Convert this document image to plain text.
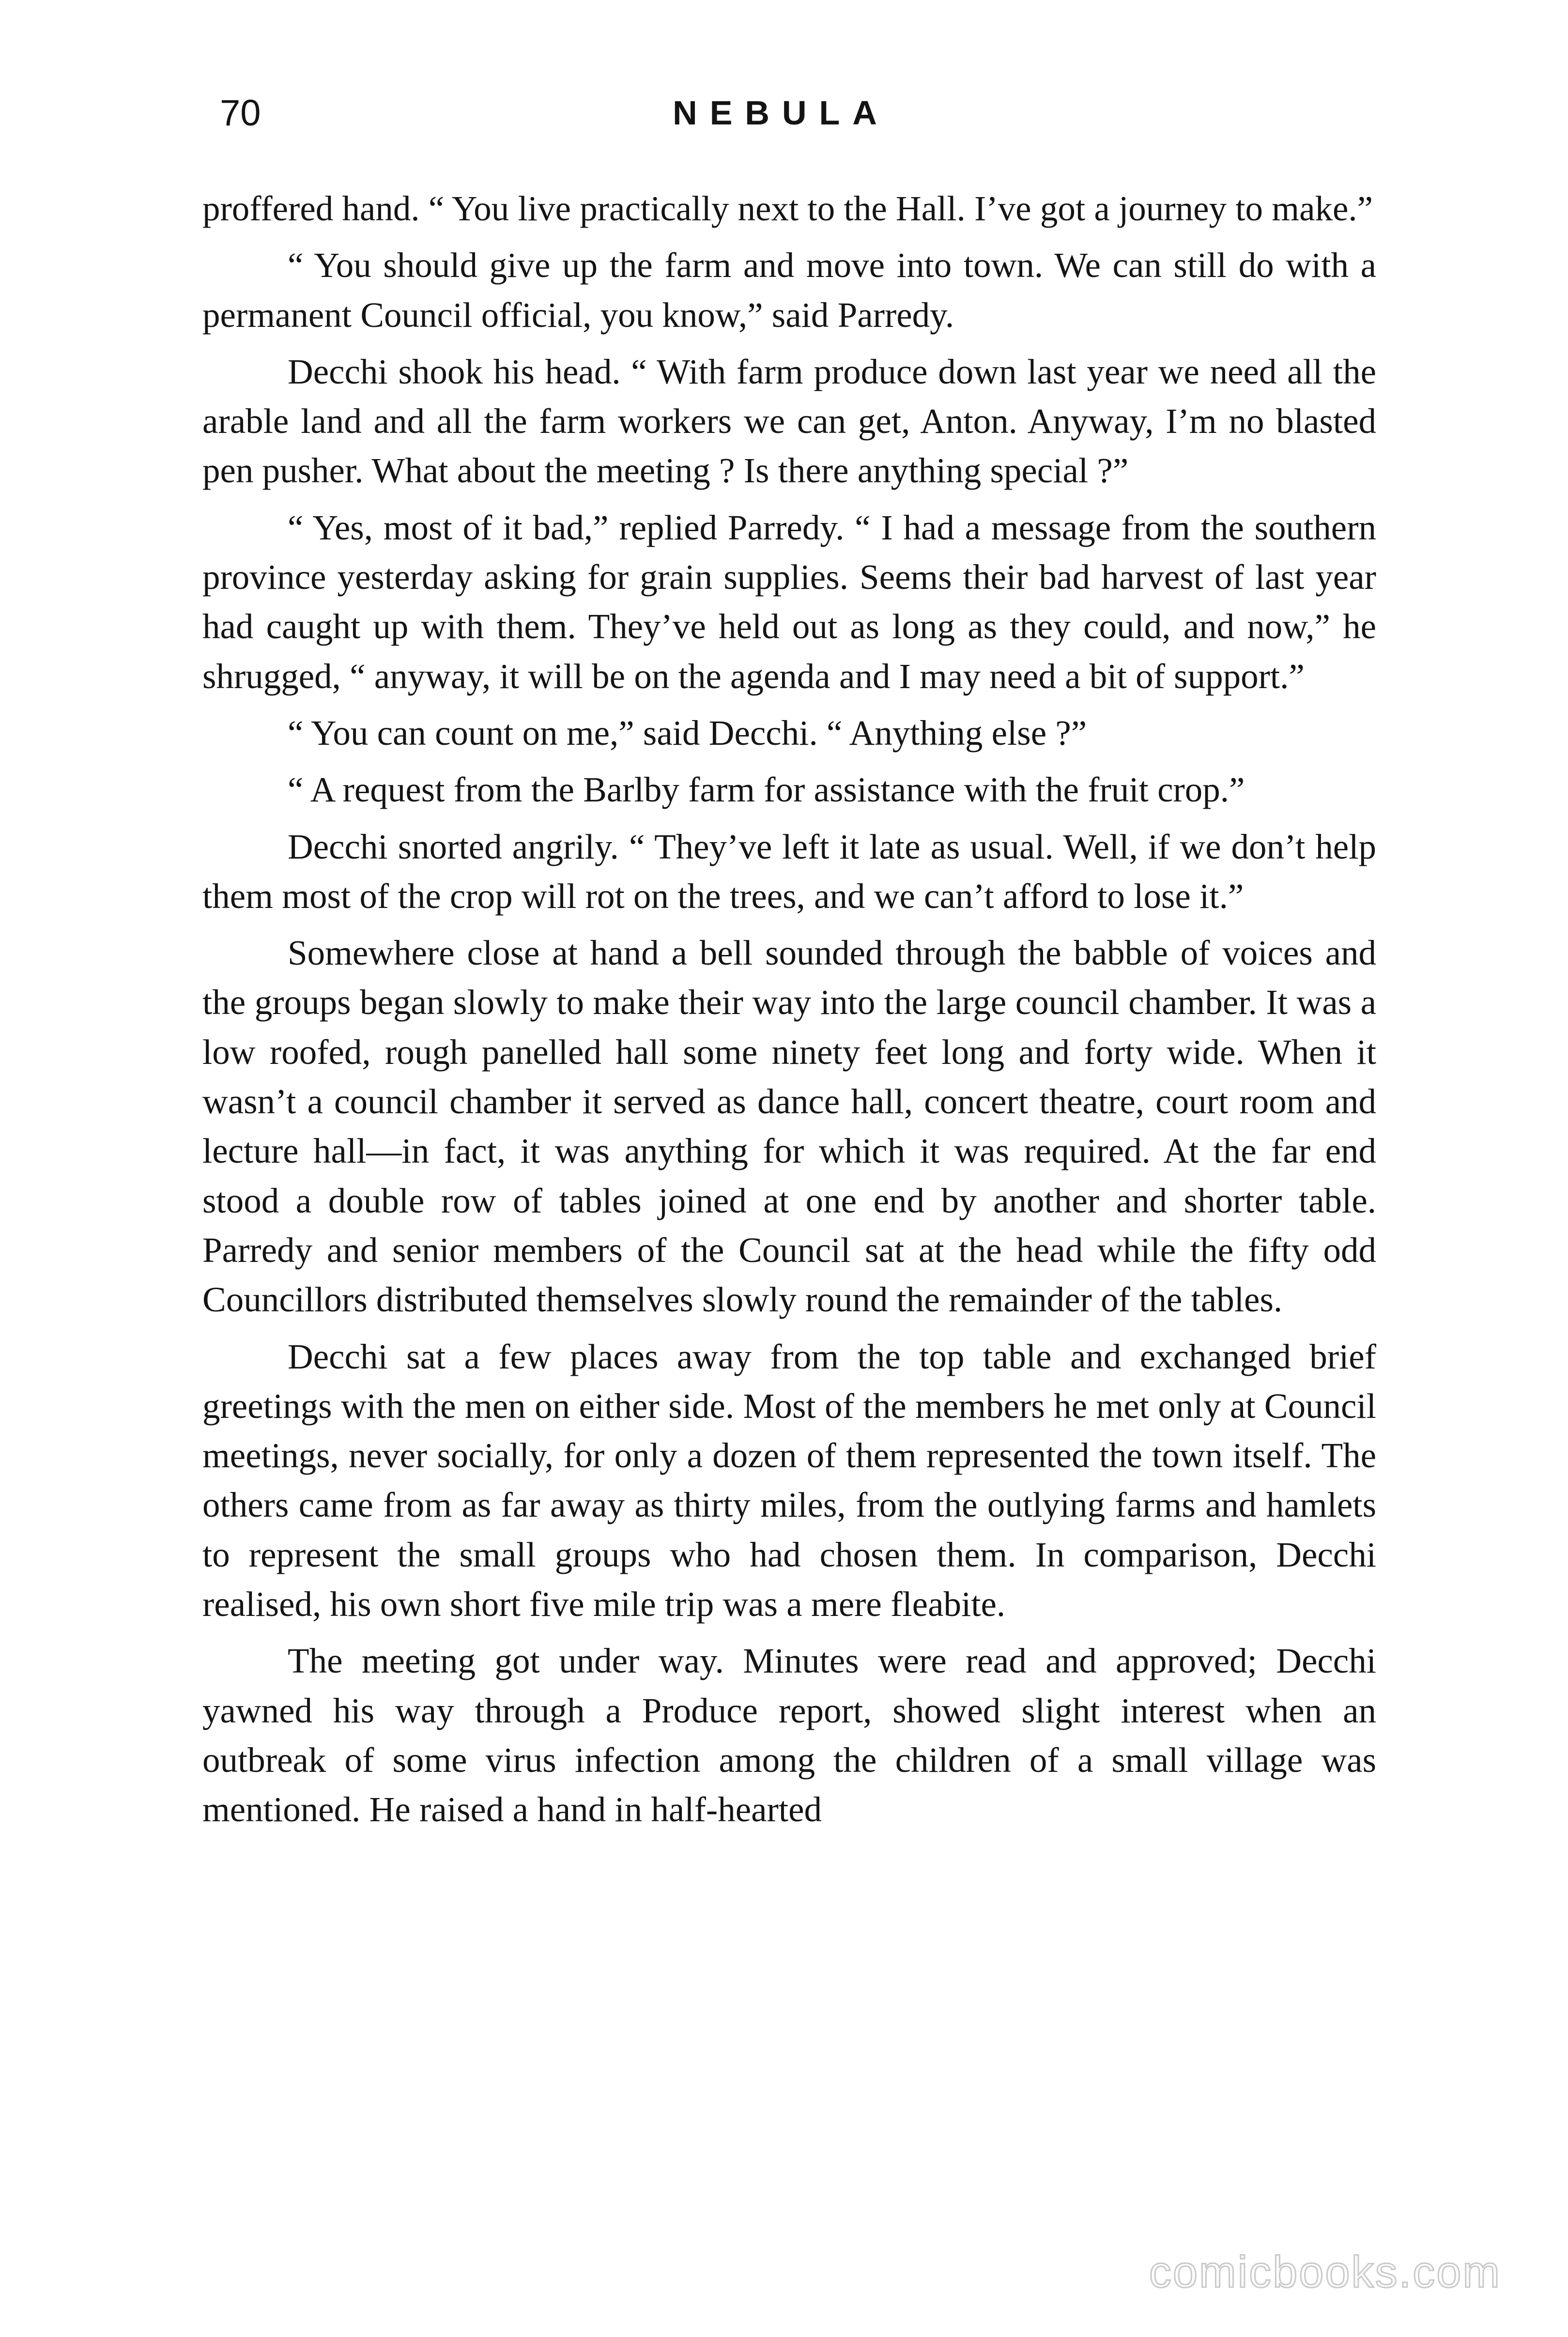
70	NEBULA

proffered hand. “ You live practically next to the Hall. I’ve got a journey to make.”

“ You should give up the farm and move into town. We can still do with a permanent Council official, you know,” said Parredy.

Decchi shook his head. “ With farm produce down last year we need all the arable land and all the farm workers we can get, Anton. Anyway, I’m no blasted pen pusher. What about the meeting ? Is there anything special ?”

“ Yes, most of it bad,” replied Parredy. “ I had a message from the southern province yesterday asking for grain supplies. Seems their bad harvest of last year had caught up with them. They’ve held out as long as they could, and now,” he shrugged, “ anyway, it will be on the agenda and I may need a bit of support.”

“ You can count on me,” said Decchi. “ Anything else ?”

“ A request from the Barlby farm for assistance with the fruit crop.”

Decchi snorted angrily. “ They’ve left it late as usual. Well, if we don’t help them most of the crop will rot on the trees, and we can’t afford to lose it.”

Somewhere close at hand a bell sounded through the babble of voices and the groups began slowly to make their way into the large council chamber. It was a low roofed, rough panelled hall some ninety feet long and forty wide. When it wasn’t a council chamber it served as dance hall, concert theatre, court room and lecture hall—in fact, it was anything for which it was required. At the far end stood a double row of tables joined at one end by another and shorter table. Parredy and senior members of the Council sat at the head while the fifty odd Councillors distributed themselves slowly round the remainder of the tables.

Decchi sat a few places away from the top table and exchanged brief greetings with the men on either side. Most of the members he met only at Council meetings, never socially, for only a dozen of them represented the town itself. The others came from as far away as thirty miles, from the outlying farms and hamlets to represent the small groups who had chosen them. In comparison, Decchi realised, his own short five mile trip was a mere fleabite.

The meeting got under way. Minutes were read and approved; Decchi yawned his way through a Produce report, showed slight interest when an outbreak of some virus infection among the children of a small village was mentioned. He raised a hand in half-hearted

comicbooks.com
